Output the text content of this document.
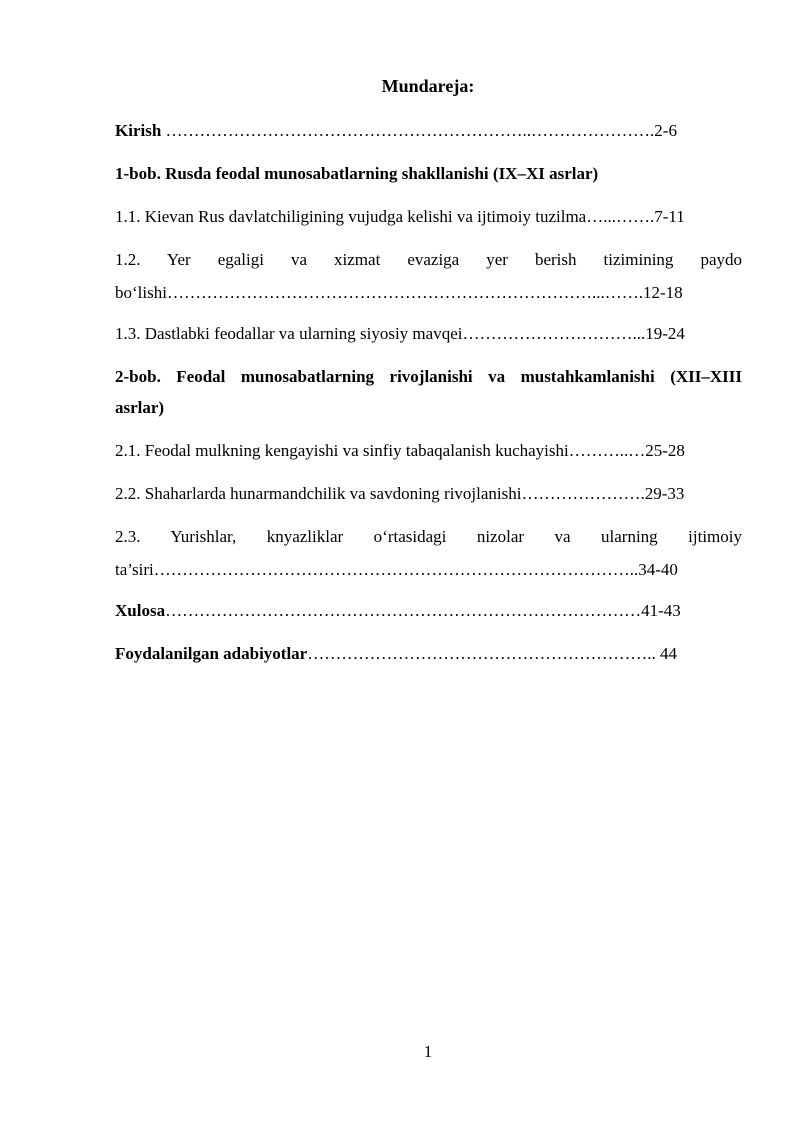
Mundareja:
Kirish ………………………………………………………..………………….2-6
1-bob. Rusda feodal munosabatlarning shakllanishi (IX–XI asrlar)
1.1. Kievan Rus davlatchiligining vujudga kelishi va ijtimoiy tuzilma…...…….7-11
1.2. Yer egaligi va xizmat evaziga yer berish tizimining paydo
bo‘lishi…………………………………………………………………...…….12-18
1.3. Dastlabki feodallar va ularning siyosiy mavqei…………………………...19-24
2-bob. Feodal munosabatlarning rivojlanishi va mustahkamlanishi (XII–XIII
asrlar)
2.1. Feodal mulkning kengayishi va sinfiy tabaqalanish kuchayishi………..…25-28
2.2. Shaharlarda hunarmandchilik va savdoning rivojlanishi………………….29-33
2.3. Yurishlar, knyazliklar o‘rtasidagi nizolar va ularning ijtimoiy
ta’siri…………………………………………………………………………..34-40
Xulosa…………………………………………………………………………41-43
Foydalanilgan adabiyotlar…………………………………………………….. 44
1
